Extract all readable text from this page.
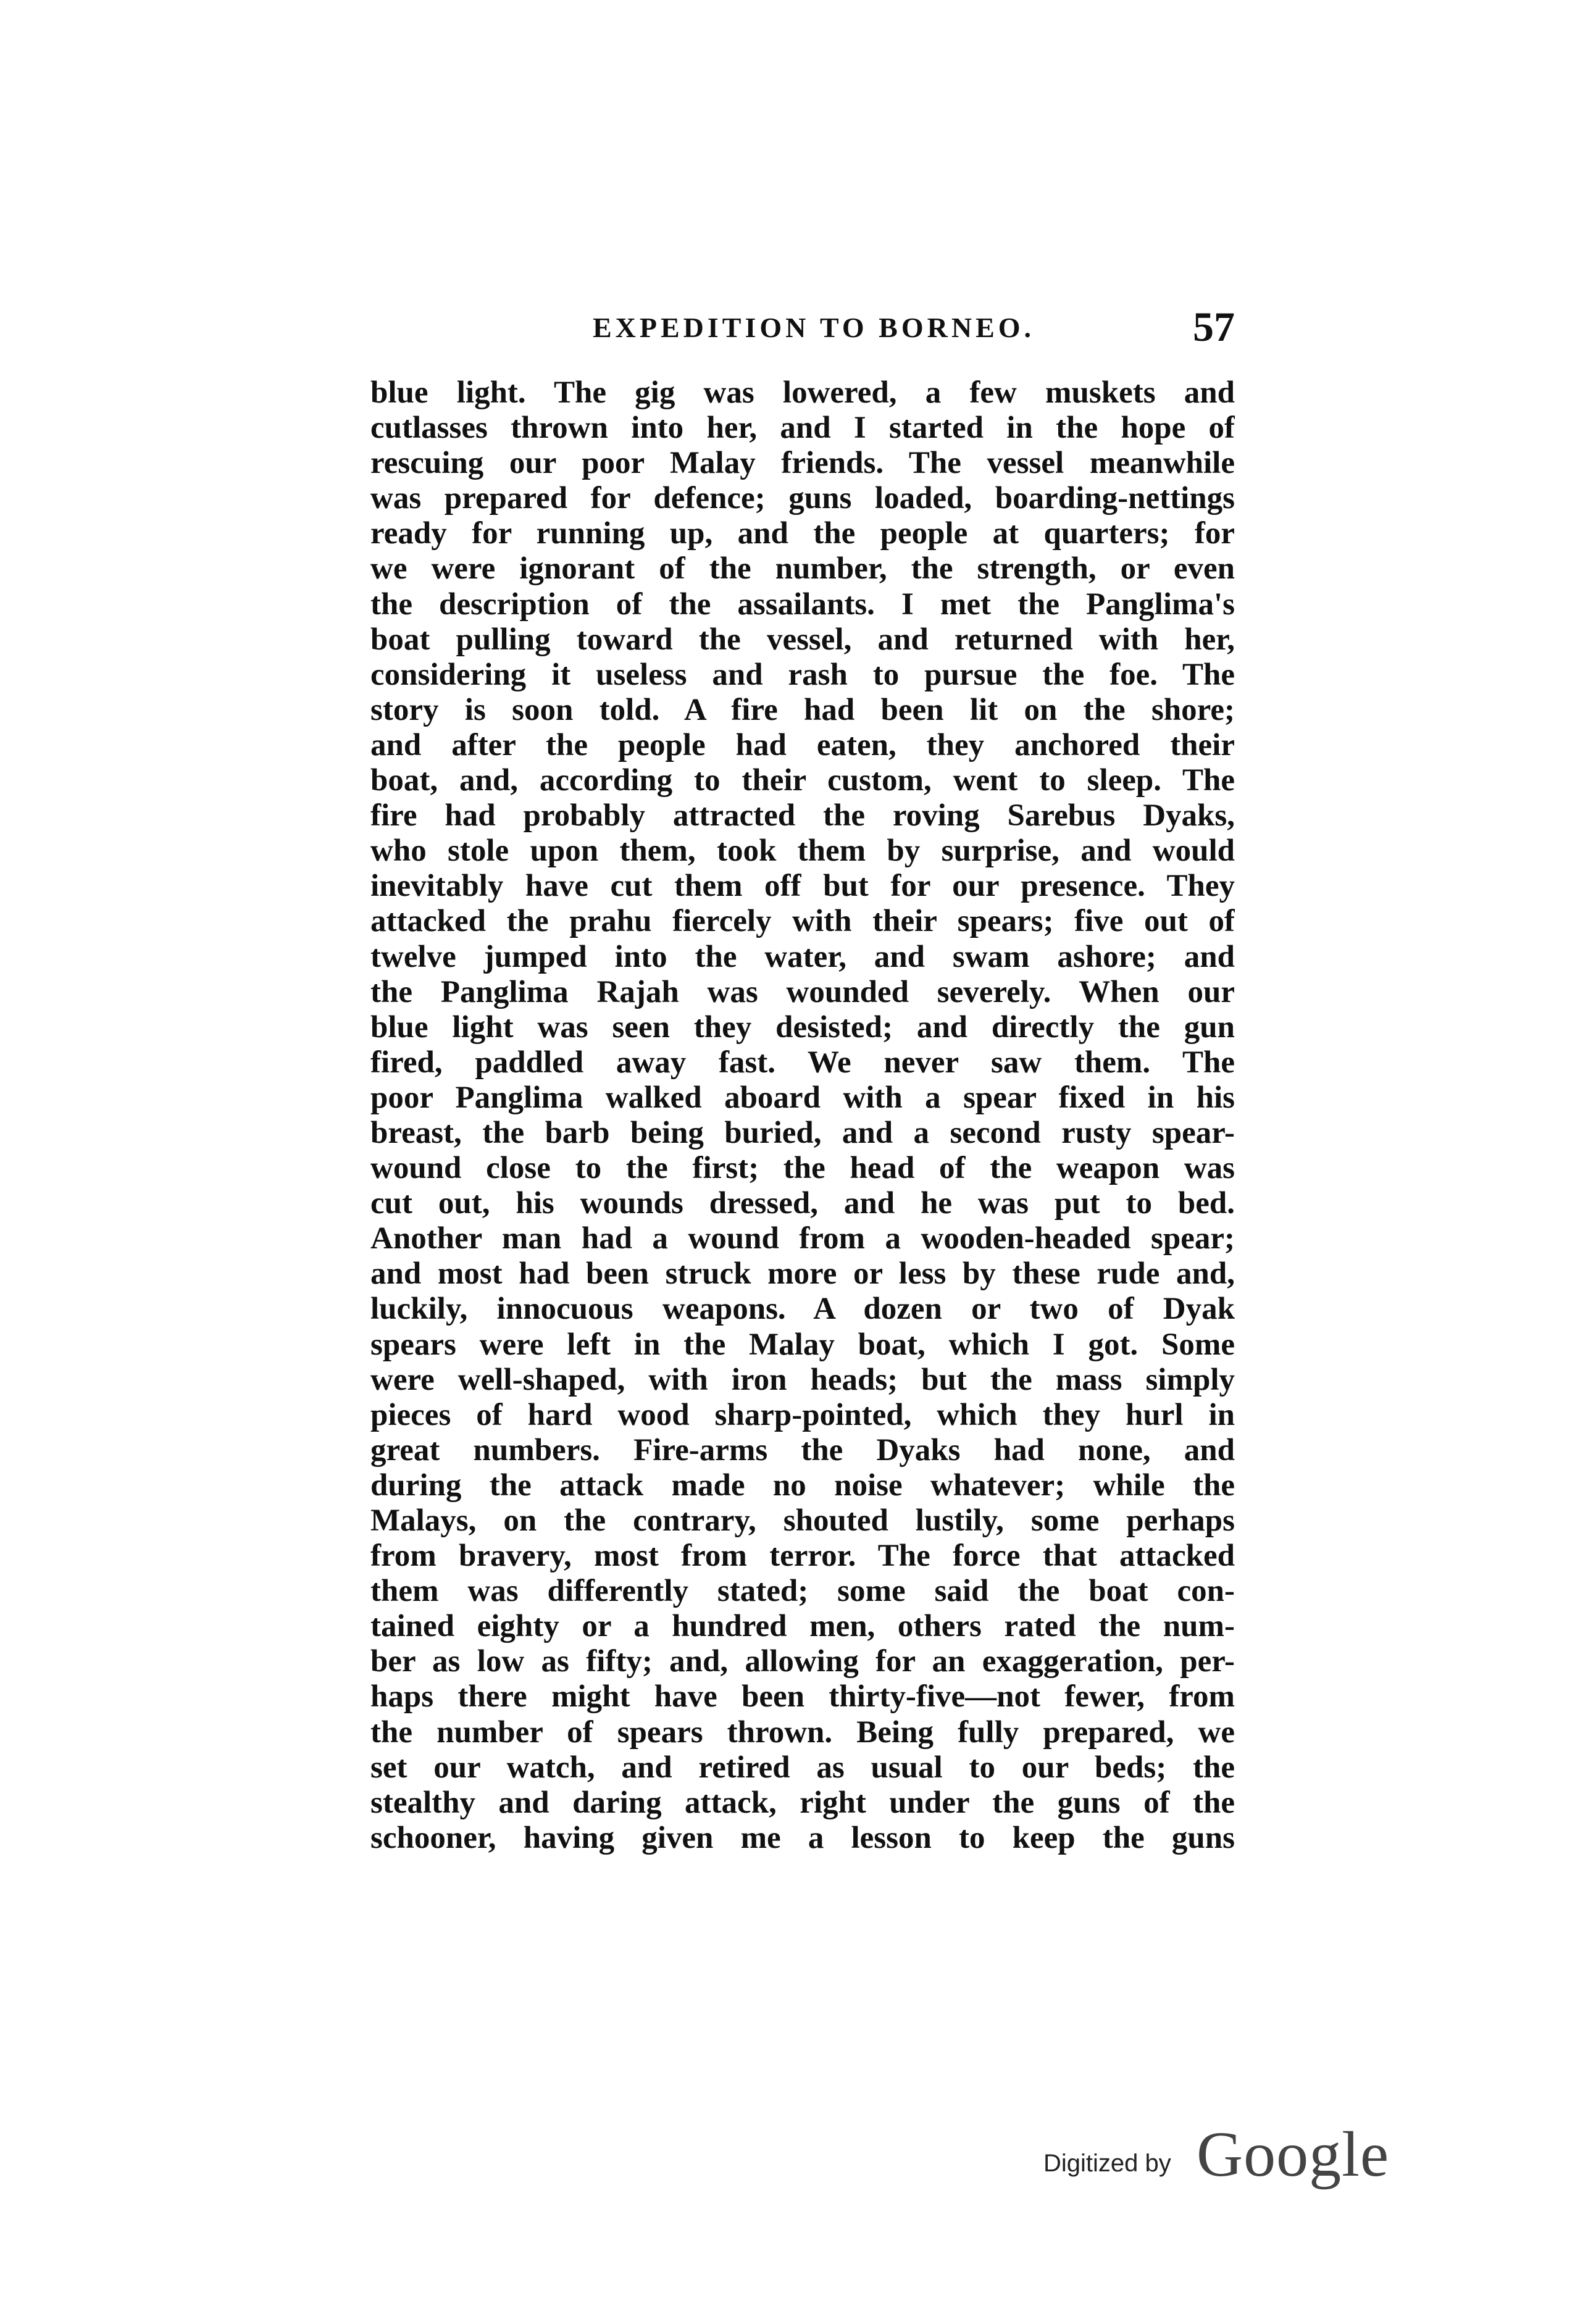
EXPEDITION TO BORNEO.	57
blue light. The gig was lowered, a few muskets and
cutlasses thrown into her, and I started in the hope of
rescuing our poor Malay friends. The vessel meanwhile
was prepared for defence; guns loaded, boarding-nettings
ready for running up, and the people at quarters; for
we were ignorant of the number, the strength, or even
the description of the assailants. I met the Panglima's
boat pulling toward the vessel, and returned with her,
considering it useless and rash to pursue the foe. The
story is soon told. A fire had been lit on the shore;
and after the people had eaten, they anchored their
boat, and, according to their custom, went to sleep. The
fire had probably attracted the roving Sarebus Dyaks,
who stole upon them, took them by surprise, and would
inevitably have cut them off but for our presence. They
attacked the prahu fiercely with their spears; five out of
twelve jumped into the water, and swam ashore; and
the Panglima Rajah was wounded severely. When our
blue light was seen they desisted; and directly the gun
fired, paddled away fast. We never saw them. The
poor Panglima walked aboard with a spear fixed in his
breast, the barb being buried, and a second rusty spear-
wound close to the first; the head of the weapon was
cut out, his wounds dressed, and he was put to bed.
Another man had a wound from a wooden-headed spear;
and most had been struck more or less by these rude and,
luckily, innocuous weapons. A dozen or two of Dyak
spears were left in the Malay boat, which I got. Some
were well-shaped, with iron heads; but the mass simply
pieces of hard wood sharp-pointed, which they hurl in
great numbers. Fire-arms the Dyaks had none, and
during the attack made no noise whatever; while the
Malays, on the contrary, shouted lustily, some perhaps
from bravery, most from terror. The force that attacked
them was differently stated; some said the boat con-
tained eighty or a hundred men, others rated the num-
ber as low as fifty; and, allowing for an exaggeration, per-
haps there might have been thirty-five—not fewer, from
the number of spears thrown. Being fully prepared, we
set our watch, and retired as usual to our beds; the
stealthy and daring attack, right under the guns of the
schooner, having given me a lesson to keep the guns
Digitized by Google
